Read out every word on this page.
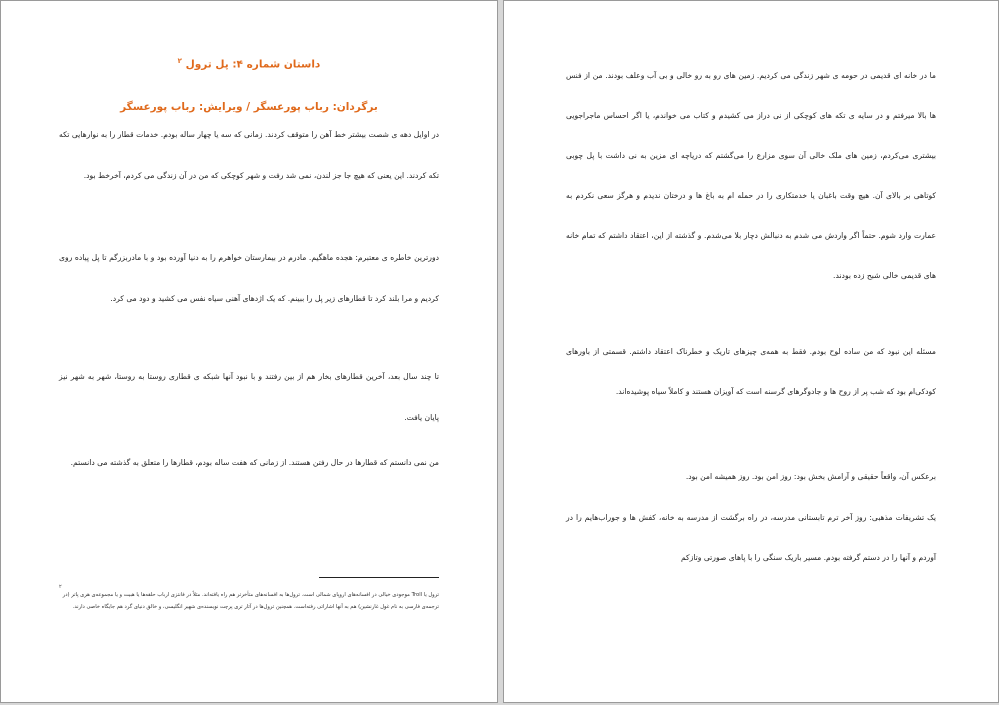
داستان شماره ۴: پل ترول $^۲$
برگردان: رباب پورعسگر / ویرایش: رباب پورعسگر
در اوایل دهه ی شصت بیشتر خط آهن را متوقف کردند. زمانی که سه یا چهار ساله بودم. خدمات قطار را به نوارهایی تکه تکه کردند. این یعنی که هیچ جا جز لندن، نمی شد رفت و شهر کوچکی که من در آن زندگی می کردم، آخرخط بود.
دورترین خاطره ی معتبرم: هجده ماهگیم. مادرم در بیمارستان خواهرم را به دنیا آورده بود و با مادربزرگم تا پل پیاده روی کردیم و مرا بلند کرد تا قطارهای زیر پل را ببینم. که یک اژدهای آهنی سیاه نفس می کشید و دود می کرد.
تا چند سال بعد، آخرین قطارهای بخار هم از بین رفتند و با نبود آنها شبکه ی قطاری روستا به روستا، شهر به شهر نیز پایان یافت.
من نمی دانستم که قطارها در حال رفتن هستند. از زمانی که هفت ساله بودم، قطارها را متعلق به گذشته می دانستم.
۲
ترول یا Troll موجودی خیالی در افسانه‌های اروپای شمالی است. ترول‌ها به افسانه‌های متأخرتر هم راه یافته‌اند. مثلاً در فانتزی ارباب حلقه‌ها یا هبیت و یا مجموعه‌ی هری پاتر (در ترجمه‌ی فارسی به نام غول غارنشین) هم به آنها اشاراتی رفته‌است. همچنین ترول‌ها در آثار تری پرچت نویسنده‌ی شهیر انگلیسی، و خالق دنیای گرد هم جایگاه خاصی دارند.
ما در خانه ای قدیمی در حومه ی شهر زندگی می کردیم. زمین های رو به رو خالی و بی آب وعلف بودند. من از فنس ها بالا میرفتم و در سایه ی تکه های کوچکی از نی دراز می کشیدم و کتاب می خواندم، یا اگر احساس ماجراجویی بیشتری می‌کردم، زمین های ملک خالی آن سوی مزارع را می‌گشتم که دریاچه ای مزین به نی داشت با پل چوبی کوتاهی بر بالای آن. هیچ وقت باغبان یا خدمتکاری را در حمله ام به باغ ها و درختان ندیدم و هرگز سعی نکردم به عمارت وارد شوم. حتماً اگر واردش می شدم به دنبالش دچار بلا می‌شدم. و گذشته از این، اعتقاد داشتم که تمام خانه های قدیمی خالی شبح زده بودند.
مسئله این نبود که من ساده لوح بودم. فقط به همه‌ی چیزهای تاریک و خطرناک اعتقاد داشتم. قسمتی از باورهای کودکی‌ام بود که شب پر از روح ها و جادوگرهای گرسنه است که آویزان هستند و کاملاً سیاه پوشیده‌اند.
برعکس آن، واقعاً حقیقی و آرامش بخش بود: روز امن بود. روز همیشه امن بود.
یک تشریفات مذهبی: روز آخر ترم تابستانی مدرسه، در راه برگشت از مدرسه به خانه، کفش ها و جوراب‌هایم را در آوردم و آنها را در دستم گرفته بودم. مسیر باریک سنگی را با پاهای صورتی وتازکم
